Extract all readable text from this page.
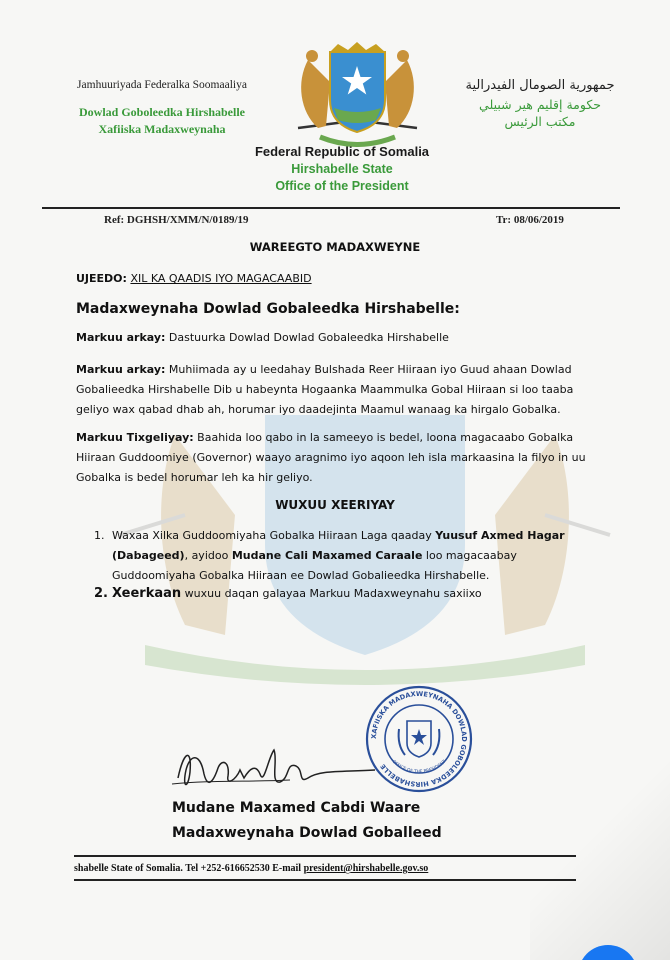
Jamhuuriyada Federalka Soomaaliya
Dowlad Goboleedka Hirshabelle
Xafiiska Madaxweynaha
جمهورية الصومال الفيدرالية
حكومة إقليم هير شبيلي
مكتب الرئيس
Federal Republic of Somalia
Hirshabelle State
Office of the President
Ref: DGHSH/XMM/N/0189/19	Tr: 08/06/2019
WAREEGTO MADAXWEYNE
UJEEDO: XIL KA QAADIS IYO MAGACAABID
Madaxweynaha Dowlad Gobaleedka Hirshabelle:
Markuu arkay: Dastuurka Dowlad Dowlad Gobaleedka Hirshabelle
Markuu arkay: Muhiimada ay u leedahay Bulshada Reer Hiiraan iyo Guud ahaan Dowlad Gobalieedka Hirshabelle Dib u habeynta Hogaanka Maammulka Gobal Hiiraan si loo taaba geliyo wax qabad dhab ah, horumar iyo daadejinta Maamul wanaag ka hirgalo Gobalka.
Markuu Tixgeliyay: Baahida loo qabo in la sameeyo is bedel, loona magacaabo Gobalka Hiiraan Guddoomiye (Governor) waayo aragnimo iyo aqoon leh isla markaasina la filyo in uu Gobalka is bedel horumar leh ka hir geliyo.
WUXUU XEERIYAY
1. Waxaa Xilka Guddoomiyaha Gobalka Hiiraan Laga qaaday Yuusuf Axmed Hagar (Dabageed), ayidoo Mudane Cali Maxamed Caraale loo magacaabay Guddoomiyaha Gobalka Hiiraan ee Dowlad Gobalieedka Hirshabelle.
2. Xeerkaan wuxuu daqan galayaa Markuu Madaxweynahu saxiixo
XAFIISKA MADAXWEYNAHA DOWLAD GOBOLEEDKA HIRSHABELLE OFFICE OF THE PRESIDENT
Mudane Maxamed Cabdi Waare
Madaxweynaha Dowlad Goballeed
shabelle State of Somalia. Tel +252-616652530 E-mail president@hirshabelle.gov.so
